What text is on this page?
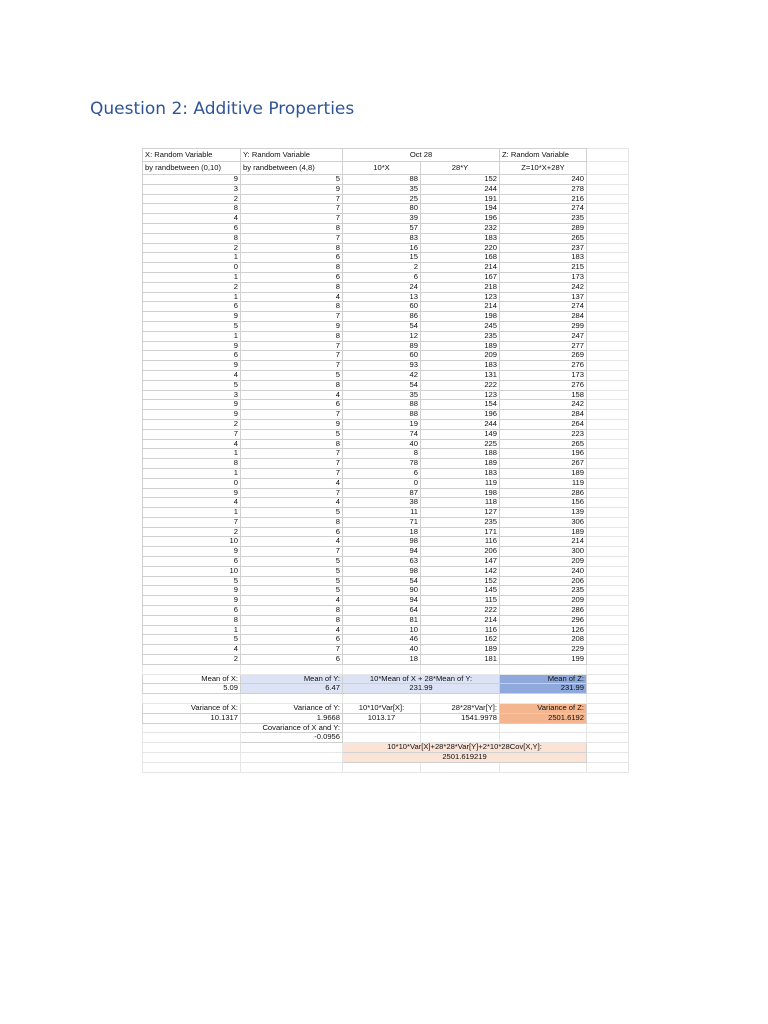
Question 2: Additive Properties
X: Random Variable	Y: Random Variable	Oct 28		Z: Random Variable	
by randbetween (0,10)	by randbetween (4,8)	10*X	28*Y	Z=10*X+28Y	
9	5	88	152	240	
3	9	35	244	278	
2	7	25	191	216	
8	7	80	194	274	
4	7	39	196	235	
6	8	57	232	289	
8	7	83	183	265	
2	8	16	220	237	
1	6	15	168	183	
0	8	2	214	215	
1	6	6	167	173	
2	8	24	218	242	
1	4	13	123	137	
6	8	60	214	274	
9	7	86	198	284	
5	9	54	245	299	
1	8	12	235	247	
9	7	89	189	277	
6	7	60	209	269	
9	7	93	183	276	
4	5	42	131	173	
5	8	54	222	276	
3	4	35	123	158	
9	6	88	154	242	
9	7	88	196	284	
2	9	19	244	264	
7	5	74	149	223	
4	8	40	225	265	
1	7	8	188	196	
8	7	78	189	267	
1	7	6	183	189	
0	4	0	119	119	
9	7	87	198	286	
4	4	38	118	156	
1	5	11	127	139	
7	8	71	235	306	
2	6	18	171	189	
10	4	98	116	214	
9	7	94	206	300	
6	5	63	147	209	
10	5	98	142	240	
5	5	54	152	206	
9	5	90	145	235	
9	4	94	115	209	
6	8	64	222	286	
8	8	81	214	296	
1	4	10	116	126	
5	6	46	162	208	
4	7	40	189	229	
2	6	18	181	199	

Mean of X:	Mean of Y:	10*Mean of X + 28*Mean of Y:		Mean of Z:	
5.09	6.47	231.99		231.99	

Variance of X:	Variance of Y:	10*10*Var[X]:	28*28*Var[Y]:	Variance of Z:	
10.1317	1.9668	1013.17	1541.9978	2501.6192	
	Covariance of X and Y:				
	-0.0956				
		10*10*Var[X]+28*28*Var[Y]+2*10*28Cov[X,Y]:			
		2501.619219			
